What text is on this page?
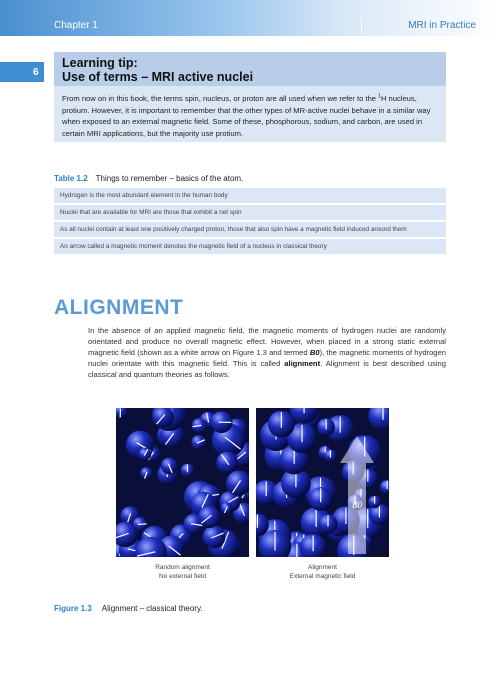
Chapter 1	MRI in Practice
6
Learning tip:
Use of terms – MRI active nuclei
From now on in this book, the terms spin, nucleus, or proton are all used when we refer to the $^1$H nucleus, protium. However, it is important to remember that the other types of MR-active nuclei behave in a similar way when exposed to an external magnetic field. Some of these, phosphorous, sodium, and carbon, are used in certain MRI applications, but the majority use protium.
Table 1.2 Things to remember – basics of the atom.
Hydrogen is the most abundant element in the human body
Nuclei that are available for MRI are those that exhibit a net spin
As all nuclei contain at least one positively charged proton, those that also spin have a magnetic field induced around them
An arrow called a magnetic moment denotes the magnetic field of a nucleus in classical theory
ALIGNMENT
In the absence of an applied magnetic field, the magnetic moments of hydrogen nuclei are randomly orientated and produce no overall magnetic effect. However, when placed in a strong static external magnetic field (shown as a white arrow on Figure 1.3 and termed B0), the magnetic moments of hydrogen nuclei orientate with this magnetic field. This is called alignment. Alignment is best described using classical and quantum theories as follows.
B0
Random alignment
No external field
Alignment
External magnetic field
Figure 1.3 Alignment – classical theory.
